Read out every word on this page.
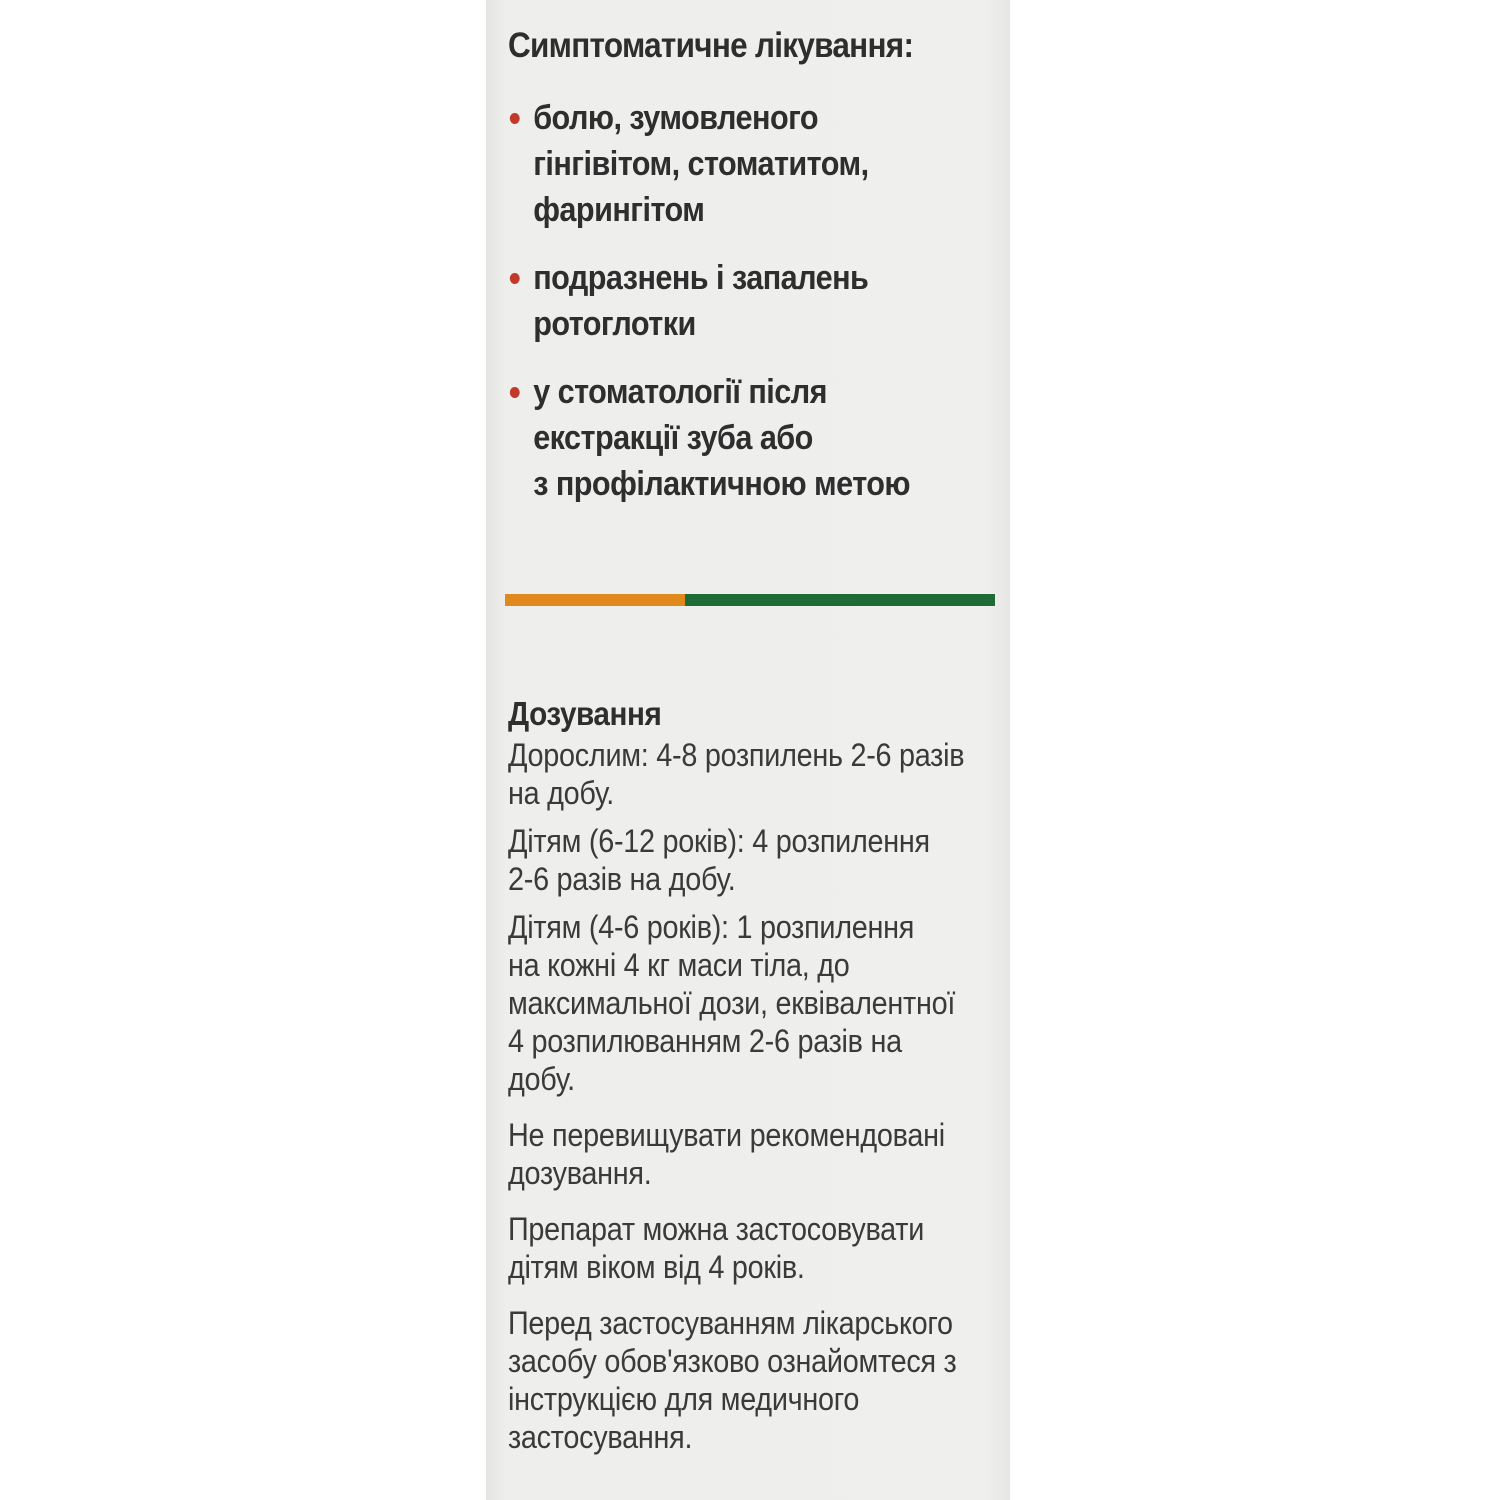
Симптоматичне лікування:
болю, зумовленого
гінгівітом, стоматитом,
фарингітом
подразнень і запалень
ротоглотки
у стоматології після
екстракції зуба або
з профілактичною метою
Дозування

Дорослим: 4-8 розпилень 2-6 разів
на добу.

Дітям (6-12 років): 4 розпилення
2-6 разів на добу.

Дітям (4-6 років): 1 розпилення
на кожні 4 кг маси тіла, до
максимальної дози, еквівалентної
4 розпилюванням 2-6 разів на
добу.

Не перевищувати рекомендовані
дозування.

Препарат можна застосовувати
дітям віком від 4 років.

Перед застосуванням лікарського
засобу обов'язково ознайомтеся з
інструкцією для медичного
застосування.
